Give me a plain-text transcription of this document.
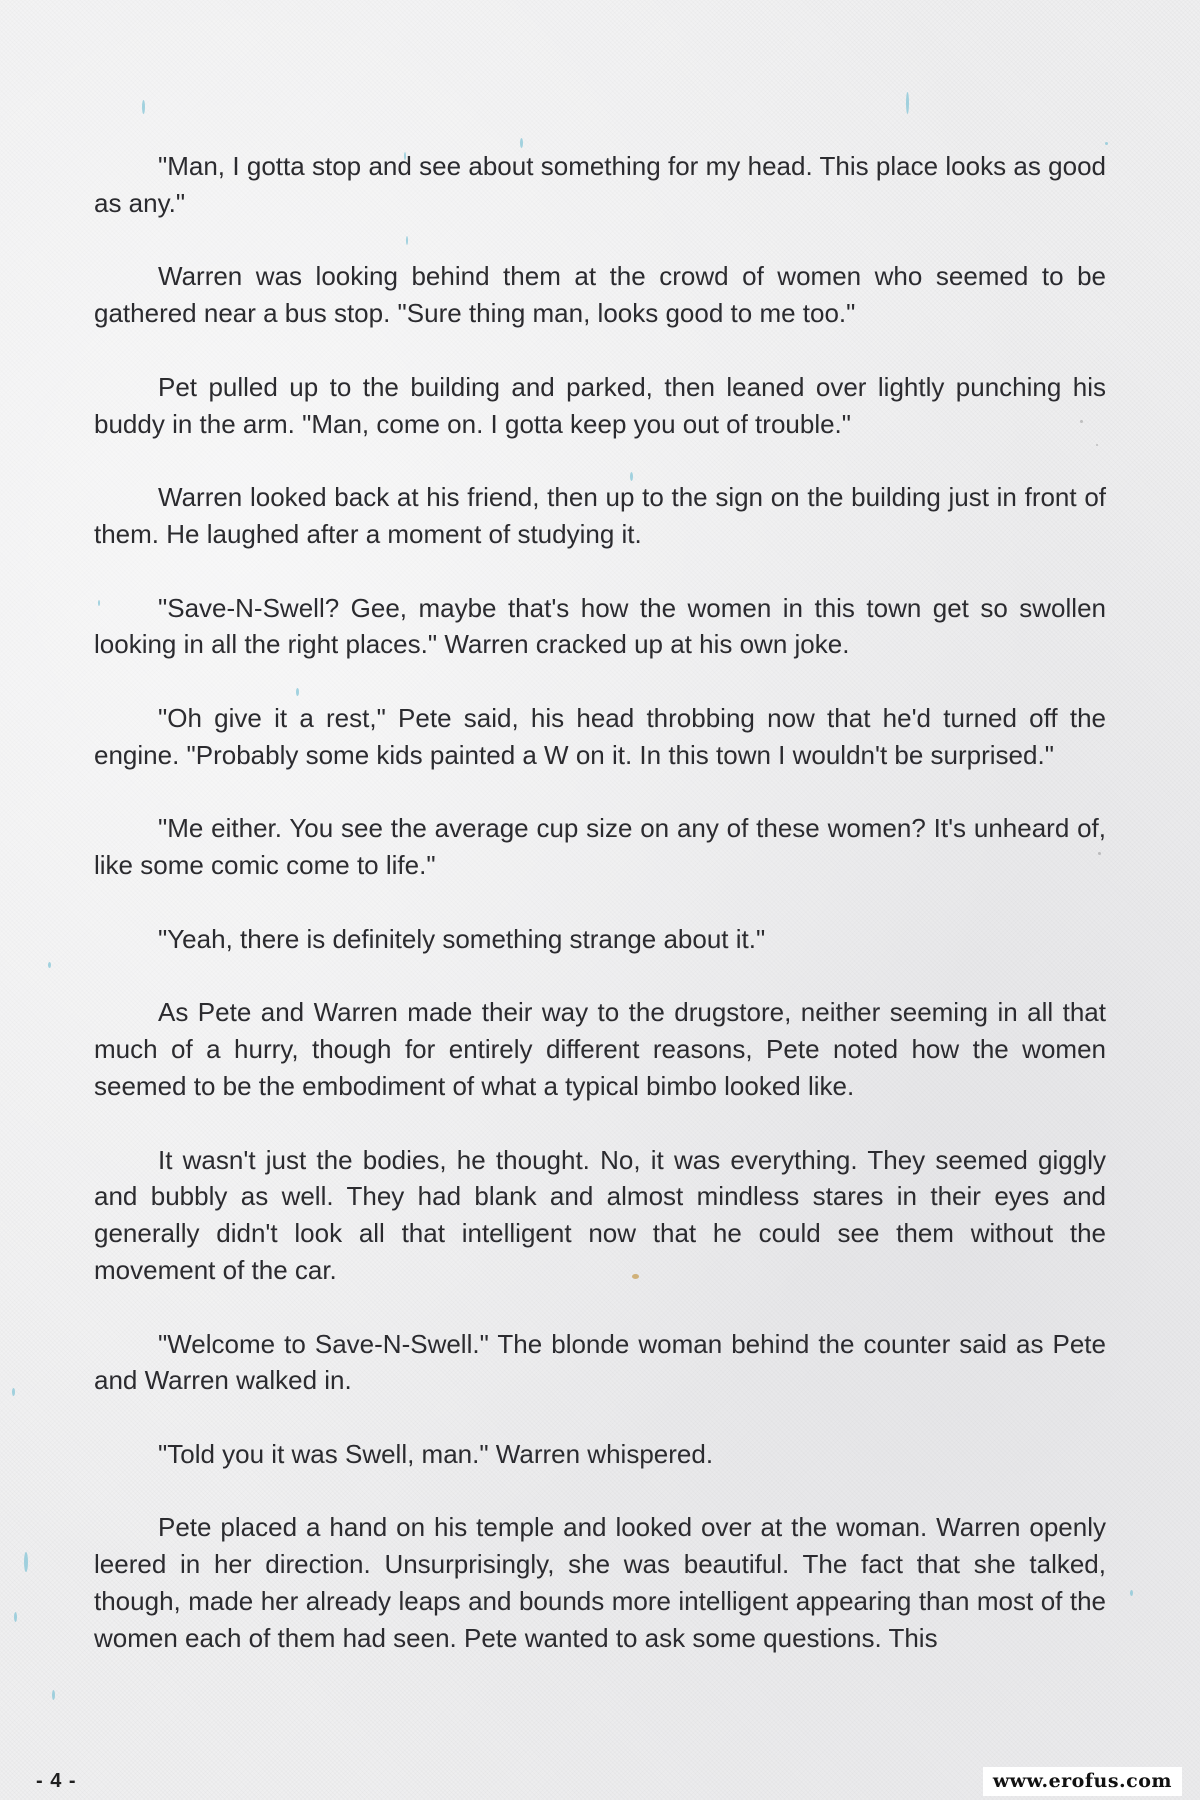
"Man, I gotta stop and see about something for my head. This place looks as good as any."

Warren was looking behind them at the crowd of women who seemed to be gathered near a bus stop. "Sure thing man, looks good to me too."

Pet pulled up to the building and parked, then leaned over lightly punching his buddy in the arm. "Man, come on. I gotta keep you out of trouble."

Warren looked back at his friend, then up to the sign on the building just in front of them. He laughed after a moment of studying it.

"Save-N-Swell? Gee, maybe that's how the women in this town get so swollen looking in all the right places." Warren cracked up at his own joke.

"Oh give it a rest," Pete said, his head throbbing now that he'd turned off the engine. "Probably some kids painted a W on it. In this town I wouldn't be surprised."

"Me either. You see the average cup size on any of these women? It's unheard of, like some comic come to life."

"Yeah, there is definitely something strange about it."

As Pete and Warren made their way to the drugstore, neither seeming in all that much of a hurry, though for entirely different reasons, Pete noted how the women seemed to be the embodiment of what a typical bimbo looked like.

It wasn't just the bodies, he thought. No, it was everything. They seemed giggly and bubbly as well. They had blank and almost mindless stares in their eyes and generally didn't look all that intelligent now that he could see them without the movement of the car.

"Welcome to Save-N-Swell." The blonde woman behind the counter said as Pete and Warren walked in.

"Told you it was Swell, man." Warren whispered.

Pete placed a hand on his temple and looked over at the woman. Warren openly leered in her direction. Unsurprisingly, she was beautiful. The fact that she talked, though, made her already leaps and bounds more intelligent appearing than most of the women each of them had seen. Pete wanted to ask some questions. This

- 4 -	www.erofus.com
